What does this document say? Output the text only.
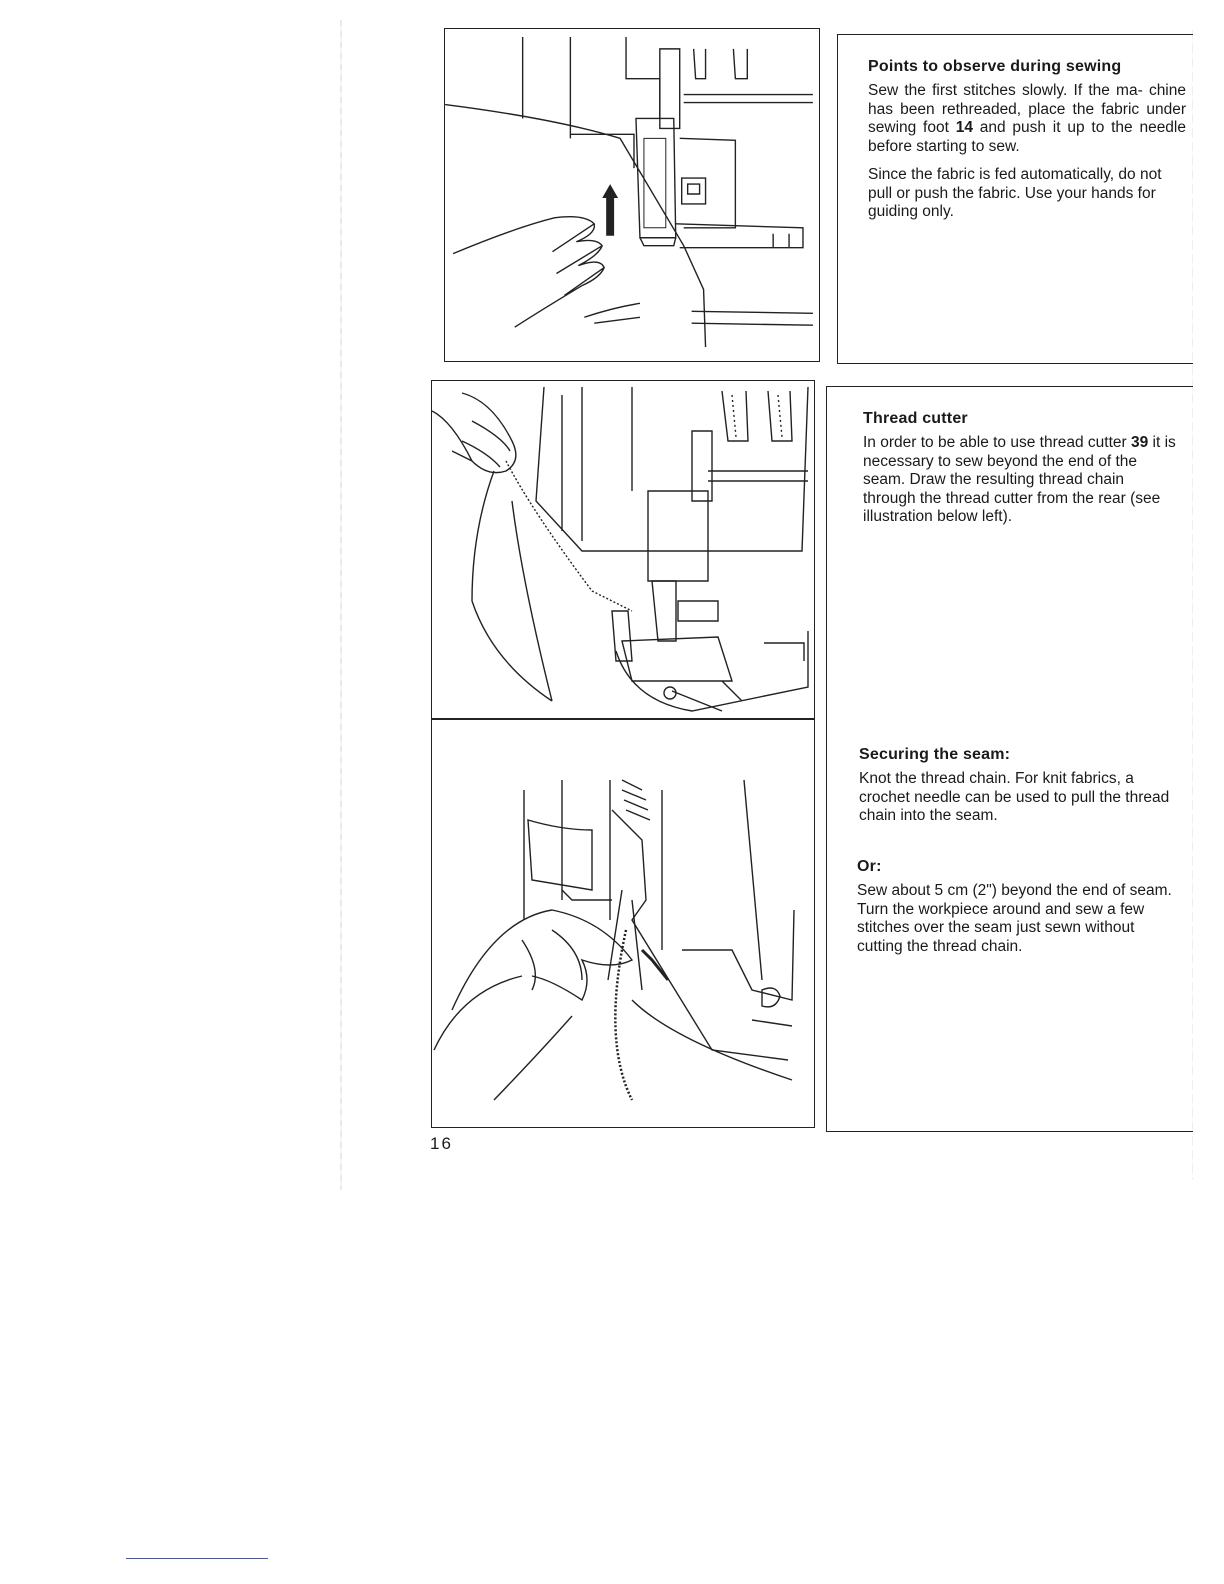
Points to observe during sewing

Sew the first stitches slowly. If the ma- chine has been rethreaded, place the fabric under sewing foot 14 and push it up to the needle before starting to sew.

Since the fabric is fed automatically, do not pull or push the fabric. Use your hands for guiding only.

Thread cutter

In order to be able to use thread cutter 39 it is necessary to sew beyond the end of the seam. Draw the resulting thread chain through the thread cutter from the rear (see illustration below left).

Securing the seam:

Knot the thread chain. For knit fabrics, a crochet needle can be used to pull the thread chain into the seam.

Or:

Sew about 5 cm (2") beyond the end of seam. Turn the workpiece around and sew a few stitches over the seam just sewn without cutting the thread chain.

16
